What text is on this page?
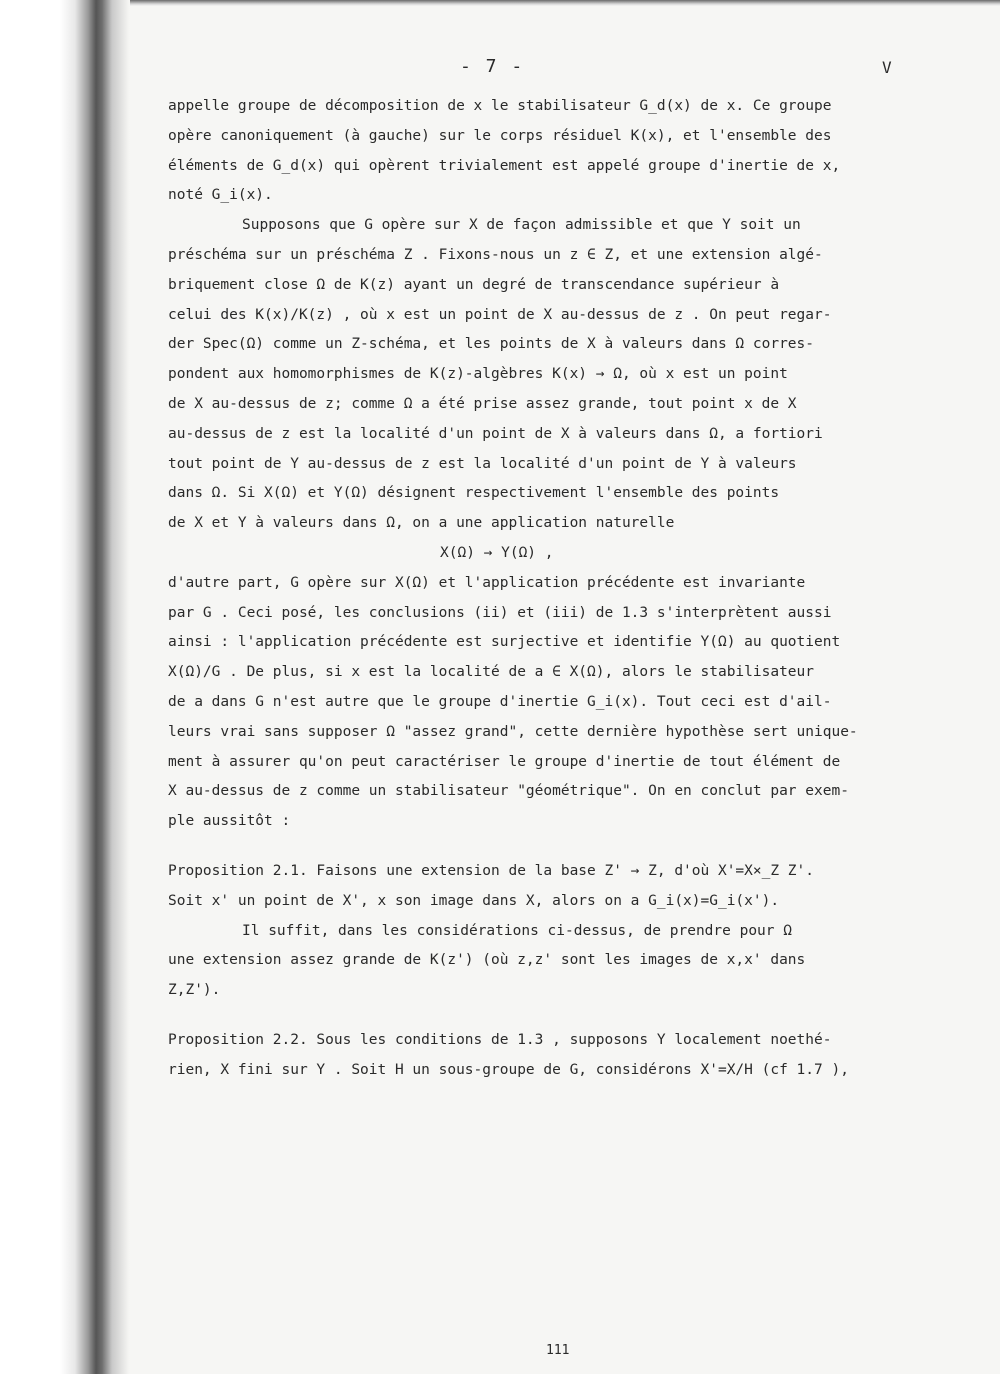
- 7 -	V
appelle groupe de décomposition de x le stabilisateur G_d(x) de x. Ce groupe
opère canoniquement (à gauche) sur le corps résiduel K(x), et l'ensemble des
éléments de G_d(x) qui opèrent trivialement est appelé groupe d'inertie de x,
noté G_i(x).
Supposons que G opère sur X de façon admissible et que Y soit un
préschéma sur un préschéma Z . Fixons-nous un z ∈ Z, et une extension algé-
briquement close Ω de K(z) ayant un degré de transcendance supérieur à
celui des K(x)/K(z) , où x est un point de X au-dessus de z . On peut regar-
der Spec(Ω) comme un Z-schéma, et les points de X à valeurs dans Ω corres-
pondent aux homomorphismes de K(z)-algèbres K(x) → Ω, où x est un point
de X au-dessus de z; comme Ω a été prise assez grande, tout point x de X
au-dessus de z est la localité d'un point de X à valeurs dans Ω, a fortiori
tout point de Y au-dessus de z est la localité d'un point de Y à valeurs
dans Ω. Si X(Ω) et Y(Ω) désignent respectivement l'ensemble des points
de X et Y à valeurs dans Ω, on a une application naturelle
X(Ω) → Y(Ω) ,
d'autre part, G opère sur X(Ω) et l'application précédente est invariante
par G . Ceci posé, les conclusions (ii) et (iii) de 1.3 s'interprètent aussi
ainsi : l'application précédente est surjective et identifie Y(Ω) au quotient
X(Ω)/G . De plus, si x est la localité de a ∈ X(Ω), alors le stabilisateur
de a dans G n'est autre que le groupe d'inertie G_i(x). Tout ceci est d'ail-
leurs vrai sans supposer Ω "assez grand", cette dernière hypothèse sert unique-
ment à assurer qu'on peut caractériser le groupe d'inertie de tout élément de
X au-dessus de z comme un stabilisateur "géométrique". On en conclut par exem-
ple aussitôt :
Proposition 2.1. Faisons une extension de la base Z' → Z, d'où X'=X×_Z Z'.
Soit x' un point de X', x son image dans X, alors on a G_i(x)=G_i(x').
Il suffit, dans les considérations ci-dessus, de prendre pour Ω
une extension assez grande de K(z') (où z,z' sont les images de x,x' dans
Z,Z').
Proposition 2.2. Sous les conditions de 1.3 , supposons Y localement noethé-
rien, X fini sur Y . Soit H un sous-groupe de G, considérons X'=X/H (cf 1.7 ),
111
